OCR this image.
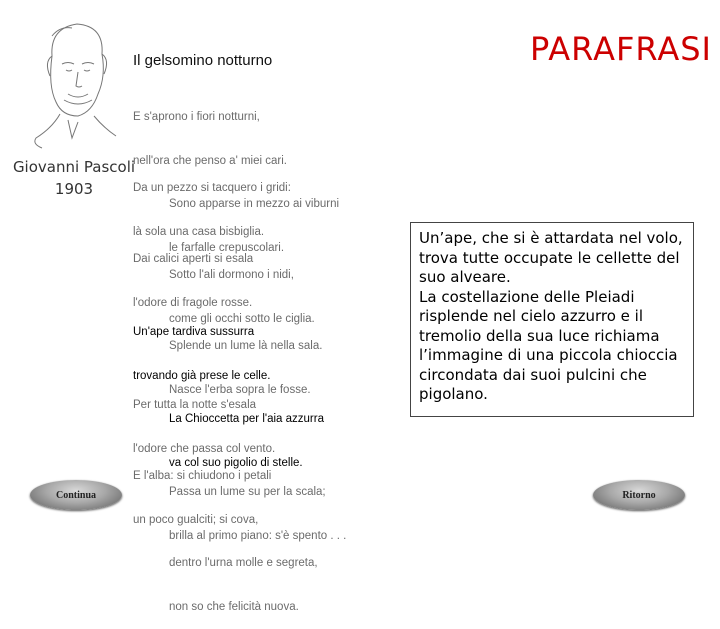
Giovanni Pascoli
1903
Il gelsomino notturno	PARAFRASI

E s'aprono i fiori notturni,

nell'ora che penso a' miei cari.

Sono apparse in mezzo ai viburni

le farfalle crepuscolari.

Da un pezzo si tacquero i gridi:

là sola una casa bisbiglia.

Sotto l'ali dormono i nidi,

come gli occhi sotto le ciglia.

Dai calici aperti si esala

l'odore di fragole rosse.

Splende un lume là nella sala.

Nasce l'erba sopra le fosse.

Un'ape tardiva sussurra

trovando già prese le celle.

La Chioccetta per l'aia azzurra

va col suo pigolio di stelle.

Per tutta la notte s'esala

l'odore che passa col vento.

Passa un lume su per la scala;

brilla al primo piano: s'è spento . . .

E l'alba: si chiudono i petali

un poco gualciti; si cova,

dentro l'urna molle e segreta,

non so che felicità nuova.

Un’ape, che si è attardata nel volo, trova tutte occupate le cellette del suo alveare.

La costellazione delle Pleiadi risplende nel cielo azzurro e il tremolio della sua luce richiama l’immagine di una piccola chioccia circondata dai suoi pulcini che pigolano.

Continua	Ritorno
